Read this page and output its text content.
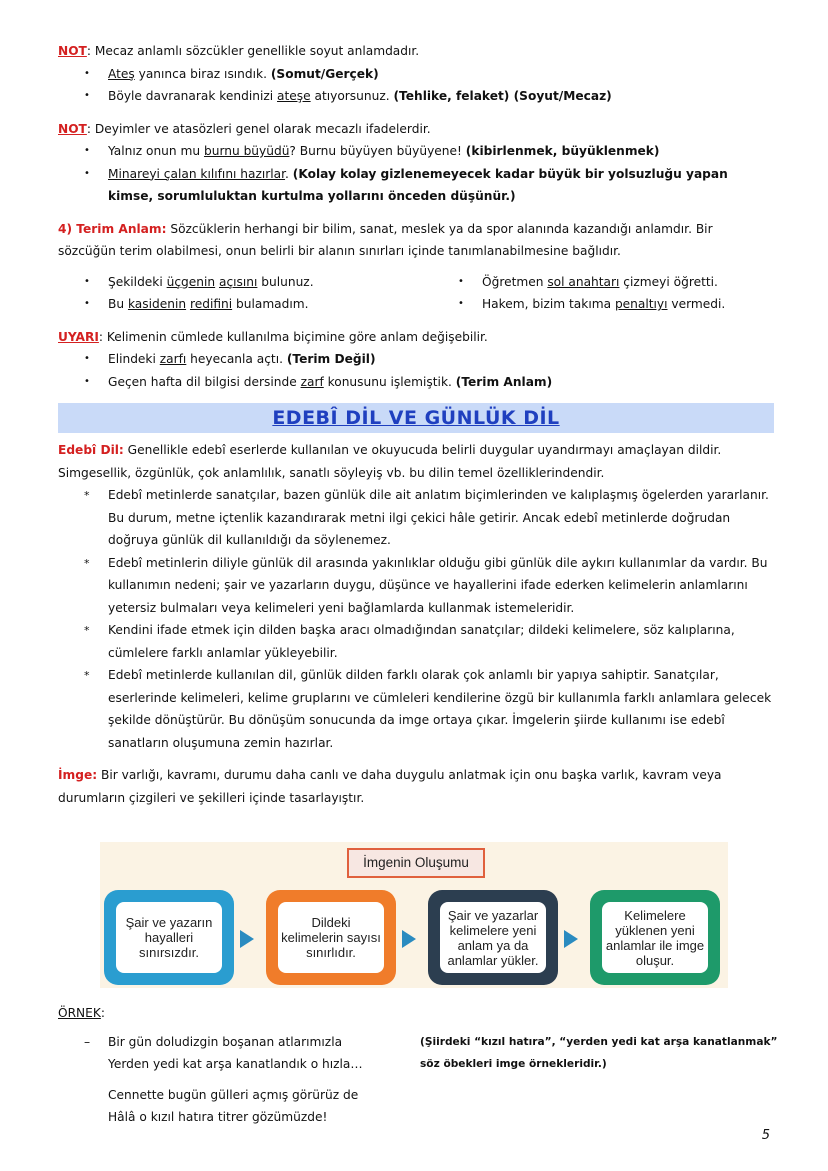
NOT: Mecaz anlamlı sözcükler genellikle soyut anlamdadır.

• Ateş yanınca biraz ısındık. (Somut/Gerçek)
• Böyle davranarak kendinizi ateşe atıyorsunuz. (Tehlike, felaket) (Soyut/Mecaz)

NOT: Deyimler ve atasözleri genel olarak mecazlı ifadelerdir.

• Yalnız onun mu burnu büyüdü? Burnu büyüyen büyüyene! (kibirlenmek, büyüklenmek)
• Minareyi çalan kılıfını hazırlar. (Kolay kolay gizlenemeyecek kadar büyük bir yolsuzluğu yapan kimse, sorumluluktan kurtulma yollarını önceden düşünür.)

4) Terim Anlam: Sözcüklerin herhangi bir bilim, sanat, meslek ya da spor alanında kazandığı anlamdır. Bir sözcüğün terim olabilmesi, onun belirli bir alanın sınırları içinde tanımlanabilmesine bağlıdır.

• Şekildeki üçgenin açısını bulunuz.
• Bu kasidenin redifini bulamadım.
• Öğretmen sol anahtarı çizmeyi öğretti.
• Hakem, bizim takıma penaltıyı vermedi.

UYARI: Kelimenin cümlede kullanılma biçimine göre anlam değişebilir.

• Elindeki zarfı heyecanla açtı. (Terim Değil)
• Geçen hafta dil bilgisi dersinde zarf konusunu işlemiştik. (Terim Anlam)
EDEBÎ DİL VE GÜNLÜK DİL

Edebî Dil: Genellikle edebî eserlerde kullanılan ve okuyucuda belirli duygular uyandırmayı amaçlayan dildir. Simgesellik, özgünlük, çok anlamlılık, sanatlı söyleyiş vb. bu dilin temel özelliklerindendir.

* Edebî metinlerde sanatçılar, bazen günlük dile ait anlatım biçimlerinden ve kalıplaşmış ögelerden yararlanır. Bu durum, metne içtenlik kazandırarak metni ilgi çekici hâle getirir. Ancak edebî metinlerde doğrudan doğruya günlük dil kullanıldığı da söylenemez.
* Edebî metinlerin diliyle günlük dil arasında yakınlıklar olduğu gibi günlük dile aykırı kullanımlar da vardır. Bu kullanımın nedeni; şair ve yazarların duygu, düşünce ve hayallerini ifade ederken kelimelerin anlamlarını yetersiz bulmaları veya kelimeleri yeni bağlamlarda kullanmak istemeleridir.
* Kendini ifade etmek için dilden başka aracı olmadığından sanatçılar; dildeki kelimelere, söz kalıplarına, cümlelere farklı anlamlar yükleyebilir.
* Edebî metinlerde kullanılan dil, günlük dilden farklı olarak çok anlamlı bir yapıya sahiptir. Sanatçılar, eserlerinde kelimeleri, kelime gruplarını ve cümleleri kendilerine özgü bir kullanımla farklı anlamlara gelecek şekilde dönüştürür. Bu dönüşüm sonucunda da imge ortaya çıkar. İmgelerin şiirde kullanımı ise edebî sanatların oluşumuna zemin hazırlar.

İmge: Bir varlığı, kavramı, durumu daha canlı ve daha duygulu anlatmak için onu başka varlık, kavram veya durumların çizgileri ve şekilleri içinde tasarlayıştır.

İmgenin Oluşumu
Şair ve yazarın hayalleri sınırsızdır.
Dildeki kelimelerin sayısı sınırlıdır.
Şair ve yazarlar kelimelere yeni anlam ya da anlamlar yükler.
Kelimelere yüklenen yeni anlamlar ile imge oluşur.
ÖRNEK:
– Bir gün doludizgin boşanan atlarımızla
Yerden yedi kat arşa kanatlandık o hızla…
Cennette bugün gülleri açmış görürüz de
Hâlâ o kızıl hatıra titrer gözümüzde!
(Şiirdeki “kızıl hatıra”, “yerden yedi kat arşa kanatlanmak”
söz öbekleri imge örnekleridir.)
5
